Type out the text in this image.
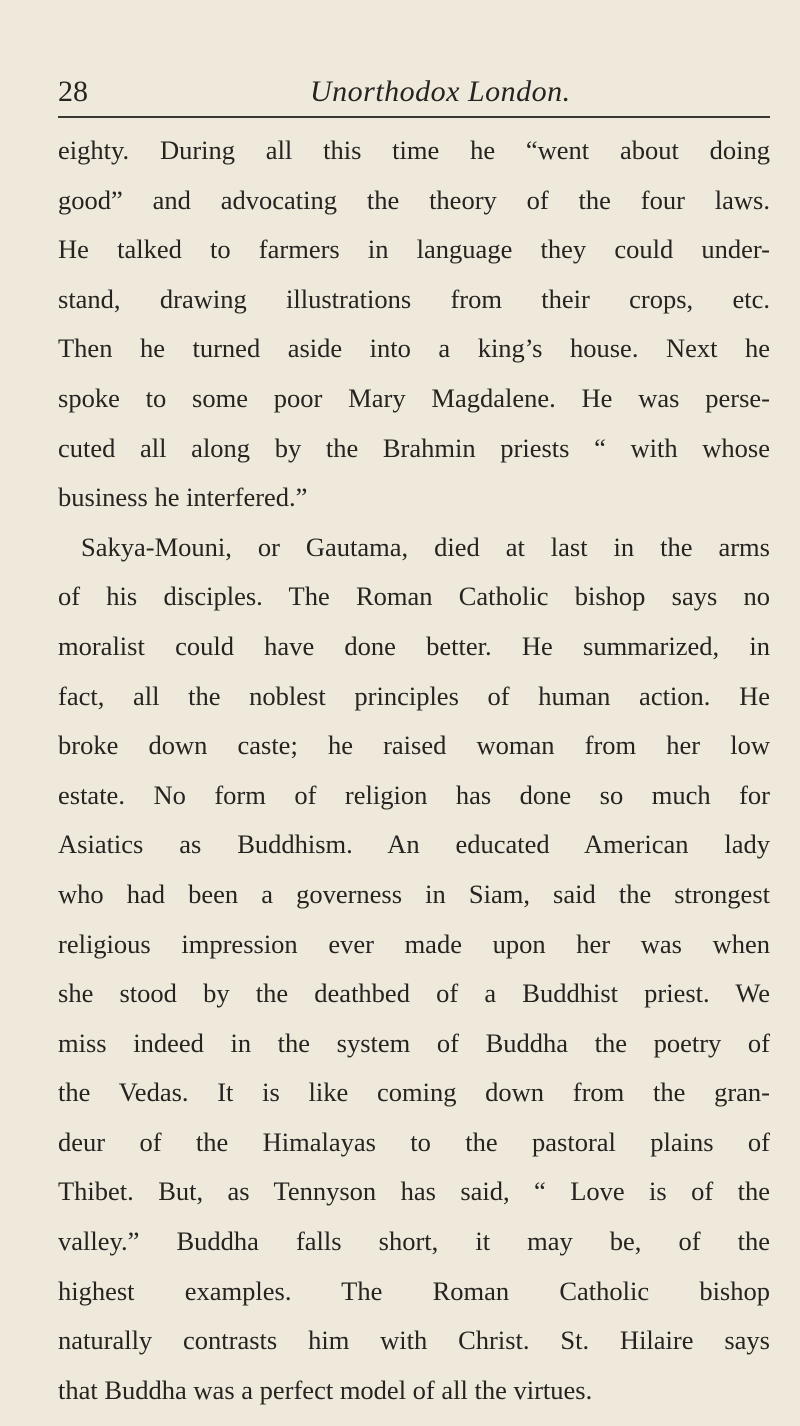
28	Unorthodox London.
eighty. During all this time he “went about doing
good” and advocating the theory of the four laws.
He talked to farmers in language they could under-
stand, drawing illustrations from their crops, etc.
Then he turned aside into a king’s house. Next he
spoke to some poor Mary Magdalene. He was perse-
cuted all along by the Brahmin priests “ with whose
business he interfered.”
Sakya-Mouni, or Gautama, died at last in the arms
of his disciples. The Roman Catholic bishop says no
moralist could have done better. He summarized, in
fact, all the noblest principles of human action. He
broke down caste; he raised woman from her low
estate. No form of religion has done so much for
Asiatics as Buddhism. An educated American lady
who had been a governess in Siam, said the strongest
religious impression ever made upon her was when
she stood by the deathbed of a Buddhist priest. We
miss indeed in the system of Buddha the poetry of
the Vedas. It is like coming down from the gran-
deur of the Himalayas to the pastoral plains of
Thibet. But, as Tennyson has said, “ Love is of the
valley.” Buddha falls short, it may be, of the
highest examples. The Roman Catholic bishop
naturally contrasts him with Christ. St. Hilaire says
that Buddha was a perfect model of all the virtues.
